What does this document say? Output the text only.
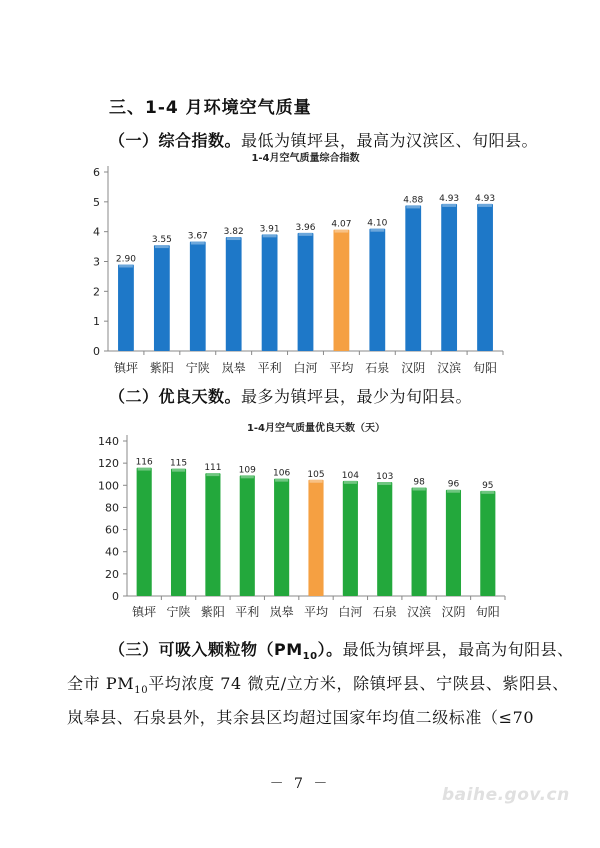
三、1-4 月环境空气质量
（一）综合指数。最低为镇坪县，最高为汉滨区、旬阳县。
1-4月空气质量综合指数
0
1
2
3
4
5
6
2.90
镇坪
3.55
紫阳
3.67
宁陕
3.82
岚皋
3.91
平利
3.96
白河
4.07
平均
4.10
石泉
4.88
汉阴
4.93
汉滨
4.93
旬阳
（二）优良天数。最多为镇坪县，最少为旬阳县。
1-4月空气质量优良天数（天）
0
20
40
60
80
100
120
140
116
镇坪
115
宁陕
111
紫阳
109
平利
106
岚皋
105
平均
104
白河
103
石泉
98
汉滨
96
汉阴
95
旬阳
（三）可吸入颗粒物$(PM_{10})$。最低为镇坪县，最高为旬阳县、
全市 $PM_{10}$平均浓度 74 微克/立方米，除镇坪县、宁陕县、紫阳县、
岚皋县、石泉县外，其余县区均超过国家年均值二级标准（≤70
－ 7 －
baihe.gov.cn
